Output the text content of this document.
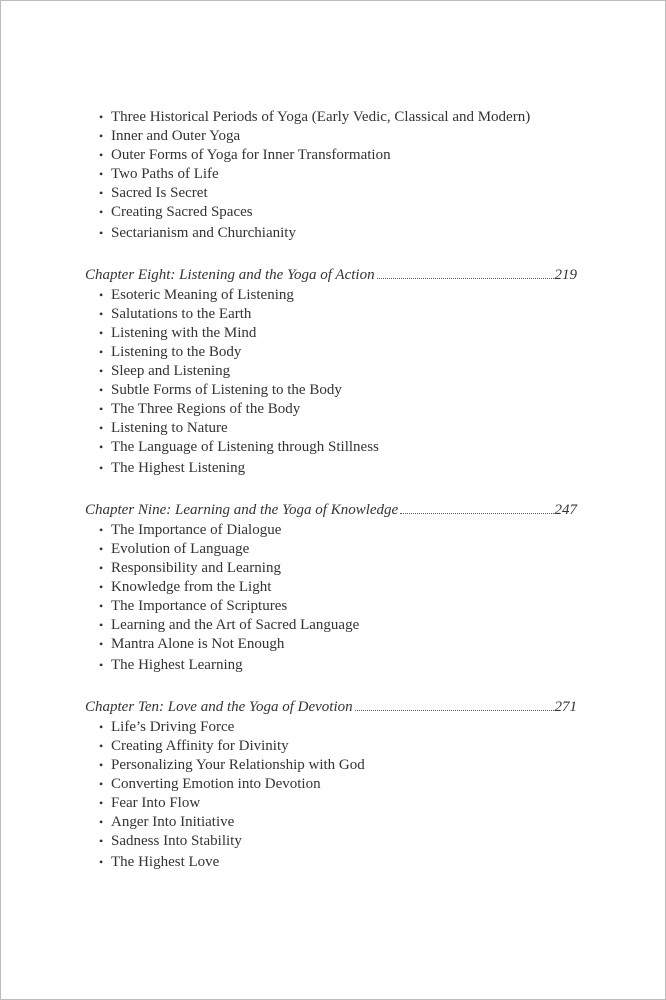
• Three Historical Periods of Yoga (Early Vedic, Classical and Modern)
• Inner and Outer Yoga
• Outer Forms of Yoga for Inner Transformation
• Two Paths of Life
• Sacred Is Secret
• Creating Sacred Spaces
• Sectarianism and Churchianity
Chapter Eight: Listening and the Yoga of Action	219
• Esoteric Meaning of Listening
• Salutations to the Earth
• Listening with the Mind
• Listening to the Body
• Sleep and Listening
• Subtle Forms of Listening to the Body
• The Three Regions of the Body
• Listening to Nature
• The Language of Listening through Stillness
• The Highest Listening
Chapter Nine: Learning and the Yoga of Knowledge	247
• The Importance of Dialogue
• Evolution of Language
• Responsibility and Learning
• Knowledge from the Light
• The Importance of Scriptures
• Learning and the Art of Sacred Language
• Mantra Alone is Not Enough
• The Highest Learning
Chapter Ten: Love and the Yoga of Devotion	271
• Life’s Driving Force
• Creating Affinity for Divinity
• Personalizing Your Relationship with God
• Converting Emotion into Devotion
• Fear Into Flow
• Anger Into Initiative
• Sadness Into Stability
• The Highest Love
